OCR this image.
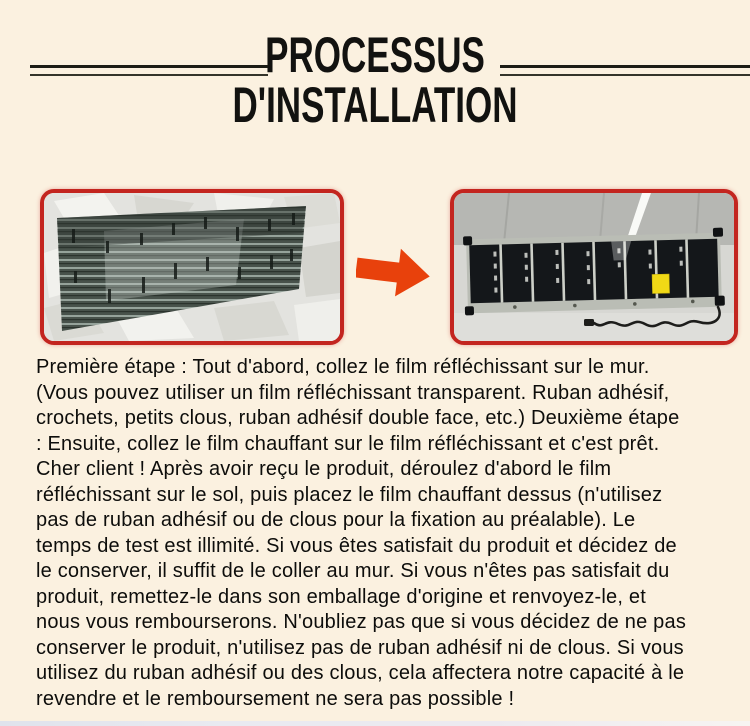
PROCESSUS
D'INSTALLATION
Première étape : Tout d'abord, collez le film réfléchissant sur le mur.
(Vous pouvez utiliser un film réfléchissant transparent. Ruban adhésif,
crochets, petits clous, ruban adhésif double face, etc.) Deuxième étape
: Ensuite, collez le film chauffant sur le film réfléchissant et c'est prêt.
Cher client ! Après avoir reçu le produit, déroulez d'abord le film
réfléchissant sur le sol, puis placez le film chauffant dessus (n'utilisez
pas de ruban adhésif ou de clous pour la fixation au préalable). Le
temps de test est illimité. Si vous êtes satisfait du produit et décidez de
le conserver, il suffit de le coller au mur. Si vous n'êtes pas satisfait du
produit, remettez-le dans son emballage d'origine et renvoyez-le, et
nous vous rembourserons. N'oubliez pas que si vous décidez de ne pas
conserver le produit, n'utilisez pas de ruban adhésif ni de clous. Si vous
utilisez du ruban adhésif ou des clous, cela affectera notre capacité à le
revendre et le remboursement ne sera pas possible !
